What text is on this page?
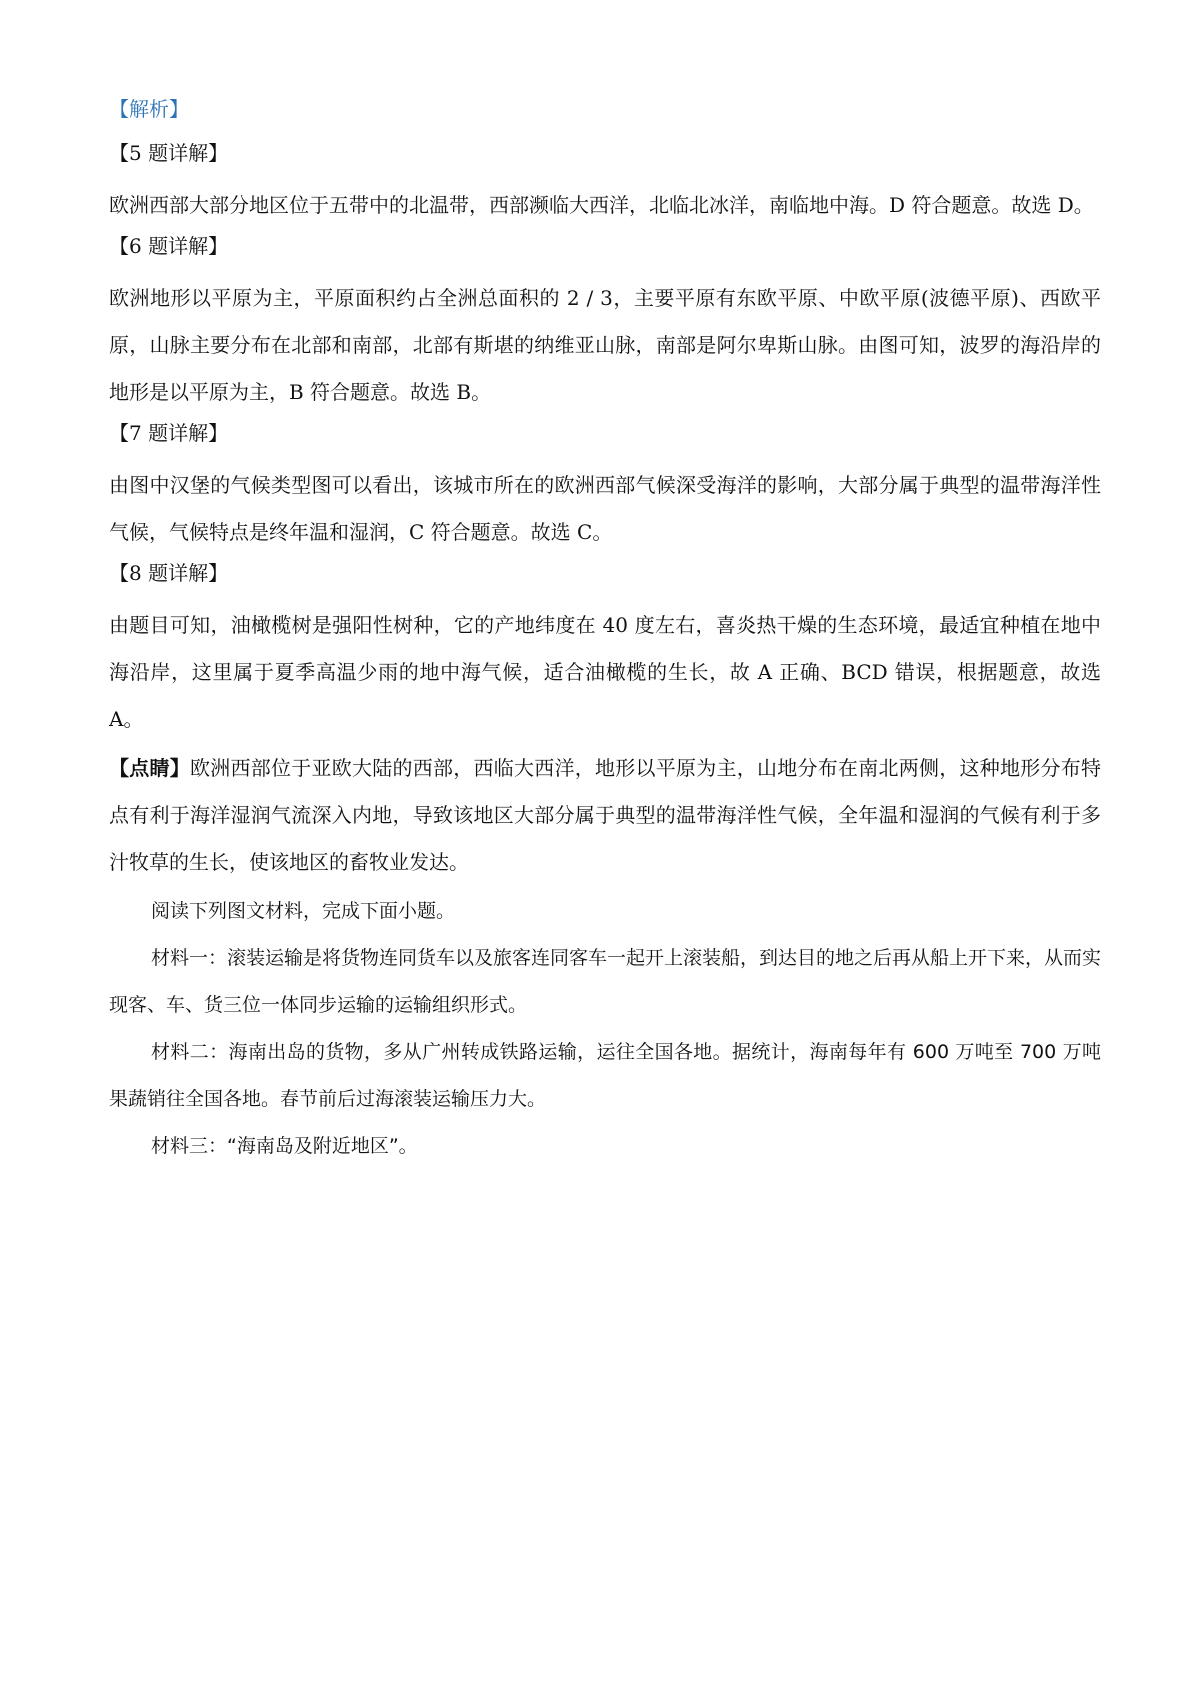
【解析】

【5 题详解】

欧洲西部大部分地区位于五带中的北温带，西部濒临大西洋，北临北冰洋，南临地中海。D 符合题意。故选 D。

【6 题详解】

欧洲地形以平原为主，平原面积约占全洲总面积的 2 / 3，主要平原有东欧平原、中欧平原(波德平原)、西欧平原，山脉主要分布在北部和南部，北部有斯堪的纳维亚山脉，南部是阿尔卑斯山脉。由图可知，波罗的海沿岸的地形是以平原为主，B 符合题意。故选 B。

【7 题详解】

由图中汉堡的气候类型图可以看出，该城市所在的欧洲西部气候深受海洋的影响，大部分属于典型的温带海洋性气候，气候特点是终年温和湿润，C 符合题意。故选 C。

【8 题详解】

由题目可知，油橄榄树是强阳性树种，它的产地纬度在 40 度左右，喜炎热干燥的生态环境，最适宜种植在地中海沿岸，这里属于夏季高温少雨的地中海气候，适合油橄榄的生长，故 A 正确、BCD 错误，根据题意，故选 A。

【点睛】欧洲西部位于亚欧大陆的西部，西临大西洋，地形以平原为主，山地分布在南北两侧，这种地形分布特点有利于海洋湿润气流深入内地，导致该地区大部分属于典型的温带海洋性气候，全年温和湿润的气候有利于多汁牧草的生长，使该地区的畜牧业发达。

阅读下列图文材料，完成下面小题。

材料一：滚装运输是将货物连同货车以及旅客连同客车一起开上滚装船，到达目的地之后再从船上开下来，从而实现客、车、货三位一体同步运输的运输组织形式。

材料二：海南出岛的货物，多从广州转成铁路运输，运往全国各地。据统计，海南每年有 600 万吨至 700 万吨果蔬销往全国各地。春节前后过海滚装运输压力大。

材料三：“海南岛及附近地区”。
